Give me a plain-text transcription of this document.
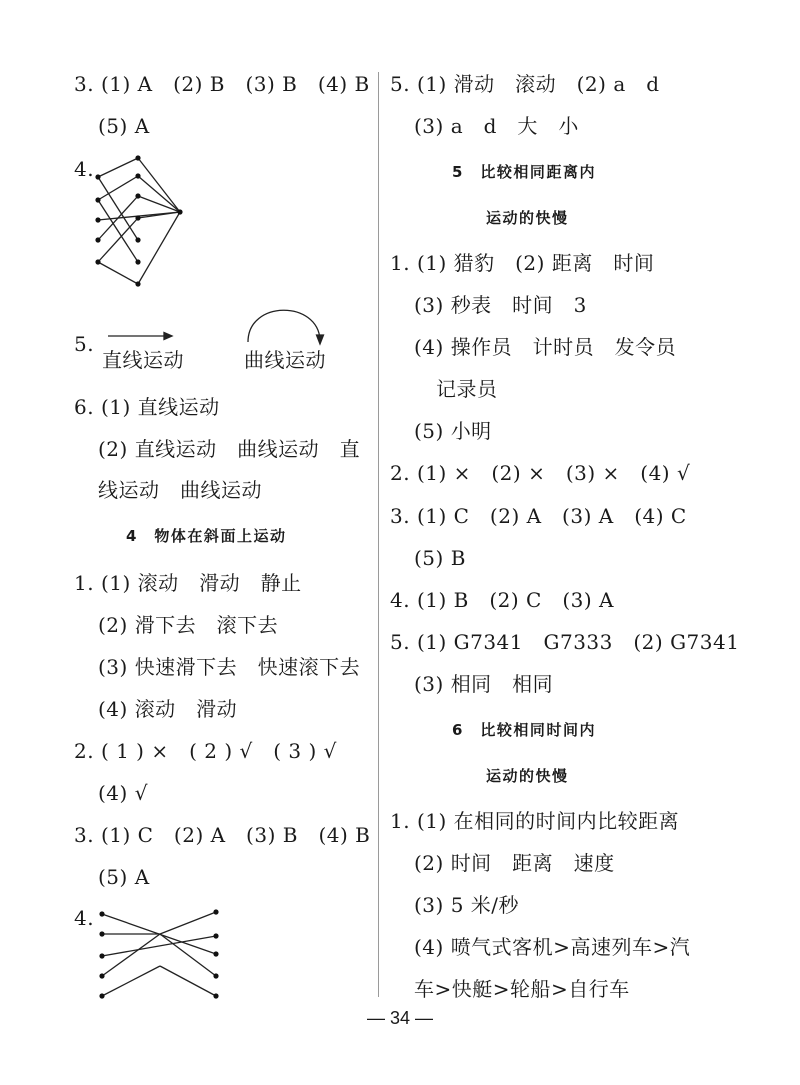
3. (1) A　(2) B　(3) B　(4) B
(5) A
4.
5.
直线运动	曲线运动
6. (1) 直线运动
(2) 直线运动　曲线运动　直
线运动　曲线运动
4　物体在斜面上运动
1. (1) 滚动　滑动　静止
(2) 滑下去　滚下去
(3) 快速滑下去　快速滚下去
(4) 滚动　滑动
2. ( 1 ) ×　( 2 ) √　( 3 ) √
(4) √
3. (1) C　(2) A　(3) B　(4) B
(5) A
4.
5. (1) 滑动　滚动　(2) a　d
(3) a　d　大　小
5　比较相同距离内
运动的快慢
1. (1) 猎豹　(2) 距离　时间
(3) 秒表　时间　3
(4) 操作员　计时员　发令员
记录员
(5) 小明
2. (1) ×　(2) ×　(3) ×　(4) √
3. (1) C　(2) A　(3) A　(4) C
(5) B
4. (1) B　(2) C　(3) A
5. (1) G7341　G7333　(2) G7341
(3) 相同　相同
6　比较相同时间内
运动的快慢
1. (1) 在相同的时间内比较距离
(2) 时间　距离　速度
(3) 5 米/秒
(4) 喷气式客机>高速列车>汽
车>快艇>轮船>自行车
— 34 —
